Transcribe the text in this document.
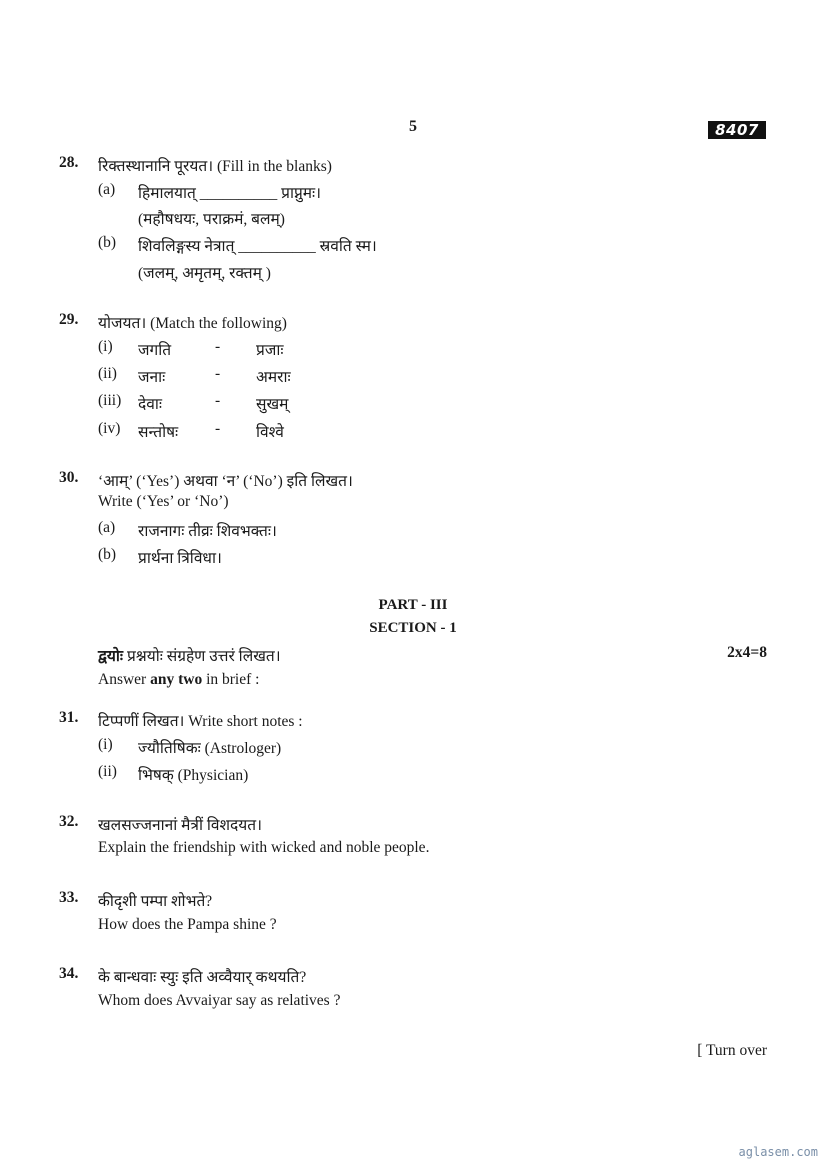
5	8407
28. रिक्तस्थानानि पूरयत। (Fill in the blanks)
(a) हिमालयात् __________ प्राप्नुमः।
(महौषधयः, पराक्रमं, बलम्)
(b) शिवलिङ्गस्य नेत्रात् __________ स्रवति स्म।
(जलम्, अमृतम्, रक्तम् )
29. योजयत। (Match the following)
(i) जगति	- प्रजाः
(ii) जनाः	- अमराः
(iii) देवाः	- सुखम्
(iv) सन्तोषः - विश्वे
30. ‘आम्’ (‘Yes’) अथवा ‘न’ (‘No’) इति लिखत।
Write (‘Yes’ or ‘No’)
(a) राजनागः तीव्रः शिवभक्तः।
(b) प्रार्थना त्रिविधा।
PART - III
SECTION - 1
द्वयोः प्रश्नयोः संग्रहेण उत्तरं लिखत।	2x4=8
Answer any two in brief :
31. टिप्पणीं लिखत। Write short notes :
(i) ज्यौतिषिकः (Astrologer)
(ii) भिषक् (Physician)
32. खलसज्जनानां मैत्रीं विशदयत।
Explain the friendship with wicked and noble people.
33. कीदृशी पम्पा शोभते?
How does the Pampa shine ?
34. के बान्धवाः स्युः इति अव्वैयार् कथयति?
Whom does Avvaiyar say as relatives ?
[ Turn over
aglasem.com
